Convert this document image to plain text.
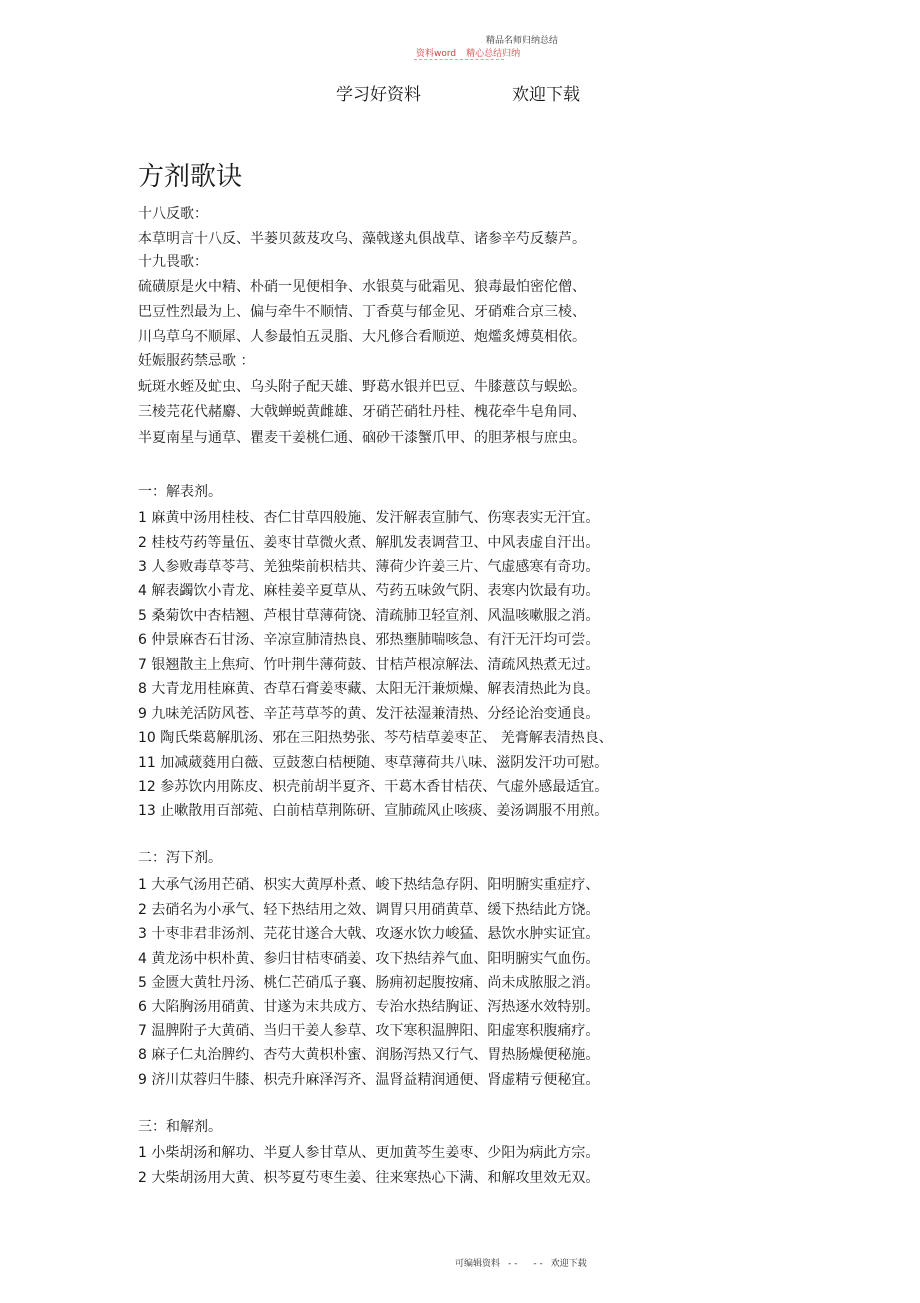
精品名师归纳总结
资料word 精心总结归纳
学习好资料	欢迎下载
方剂歌诀
十八反歌：
本草明言十八反、半蒌贝蔹芨攻乌、藻戟遂丸俱战草、诸参辛芍反藜芦。
十九畏歌：
硫磺原是火中精、朴硝一见便相争、水银莫与砒霜见、狼毒最怕密佗僧、
巴豆性烈最为上、偏与牵牛不顺情、丁香莫与郁金见、牙硝难合京三棱、
川乌草乌不顺犀、人参最怕五灵脂、大凡修合看顺逆、炮爁炙煿莫相依。
妊娠服药禁忌歌 ：
蚖斑水蛭及虻虫、乌头附子配天雄、野葛水银并巴豆、牛膝薏苡与蜈蚣。
三棱芫花代赭麝、大戟蝉蜕黄雌雄、牙硝芒硝牡丹桂、槐花牵牛皂角同、
半夏南星与通草、瞿麦干姜桃仁通、硇砂干漆蟹爪甲、的胆茅根与庶虫。
一：解表剂。
1 麻黄中汤用桂枝、杏仁甘草四般施、发汗解表宣肺气、伤寒表实无汗宜。
2 桂枝芍药等量伍、姜枣甘草微火煮、解肌发表调营卫、中风表虚自汗出。
3 人参败毒草苓芎、羌独柴前枳桔共、薄荷少许姜三片、气虚感寒有奇功。
4 解表蠲饮小青龙、麻桂姜辛夏草从、芍药五味敛气阴、表寒内饮最有功。
5 桑菊饮中杏桔翘、芦根甘草薄荷饶、清疏肺卫轻宣剂、风温咳嗽服之消。
6 仲景麻杏石甘汤、辛凉宣肺清热良、邪热壅肺喘咳急、有汗无汗均可尝。
7 银翘散主上焦疴、竹叶荆牛薄荷鼓、甘桔芦根凉解法、清疏风热煮无过。
8 大青龙用桂麻黄、杏草石膏姜枣藏、太阳无汗兼烦燥、解表清热此为良。
9 九味羌活防风苍、辛芷芎草芩的黄、发汗祛湿兼清热、分经论治变通良。
10 陶氏柴葛解肌汤、邪在三阳热势张、芩芍桔草姜枣芷、 羌膏解表清热良、
11 加减葳蕤用白薇、豆鼓葱白桔梗随、枣草薄荷共八味、滋阴发汗功可慰。
12 参苏饮内用陈皮、枳壳前胡半夏齐、干葛木香甘桔茯、气虚外感最适宜。
13 止嗽散用百部菀、白前桔草荆陈研、宣肺疏风止咳痰、姜汤调服不用煎。
二：泻下剂。
1 大承气汤用芒硝、枳实大黄厚朴煮、峻下热结急存阴、阳明腑实重症疗、
2 去硝名为小承气、轻下热结用之效、调胃只用硝黄草、缓下热结此方饶。
3 十枣非君非汤剂、芫花甘遂合大戟、攻逐水饮力峻猛、悬饮水肿实证宜。
4 黄龙汤中枳朴黄、参归甘桔枣硝姜、攻下热结养气血、阳明腑实气血伤。
5 金匮大黄牡丹汤、桃仁芒硝瓜子襄、肠痈初起腹按痛、尚未成脓服之消。
6 大陷胸汤用硝黄、甘遂为末共成方、专治水热结胸证、泻热逐水效特别。
7 温脾附子大黄硝、当归干姜人参草、攻下寒积温脾阳、阳虚寒积腹痛疗。
8 麻子仁丸治脾约、杏芍大黄枳朴蜜、润肠泻热又行气、胃热肠燥便秘施。
9 济川苁蓉归牛膝、枳壳升麻泽泻齐、温肾益精润通便、肾虚精亏便秘宜。
三：和解剂。
1 小柴胡汤和解功、半夏人参甘草从、更加黄芩生姜枣、少阳为病此方宗。
2 大柴胡汤用大黄、枳芩夏芍枣生姜、往来寒热心下满、和解攻里效无双。
可编辑资料 - - - - 欢迎下载
